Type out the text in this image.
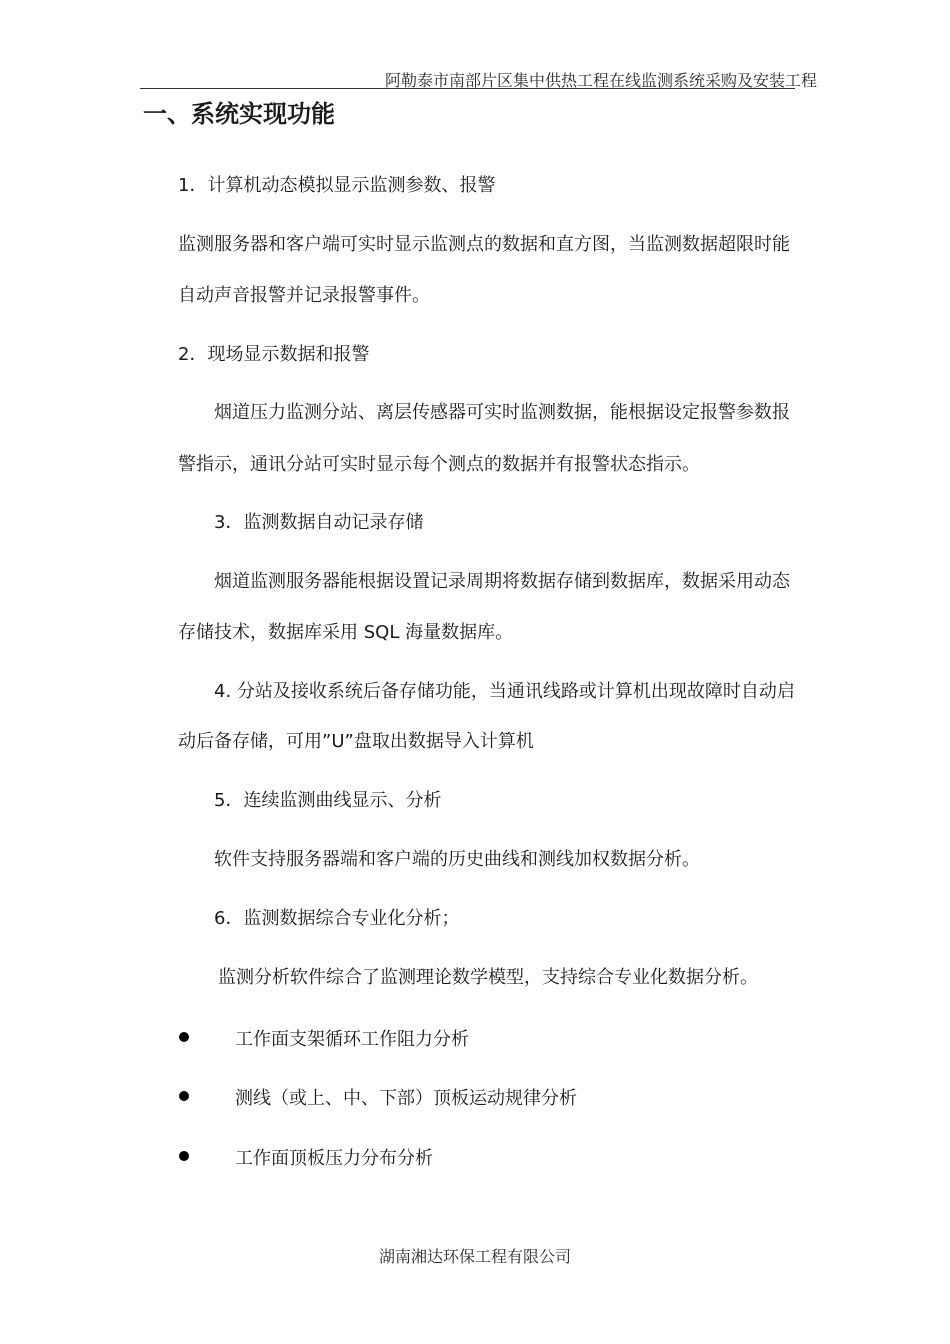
阿勒泰市南部片区集中供热工程在线监测系统采购及安装工程
一、系统实现功能
1．计算机动态模拟显示监测参数、报警
监测服务器和客户端可实时显示监测点的数据和直方图，当监测数据超限时能
自动声音报警并记录报警事件。
2．现场显示数据和报警
烟道压力监测分站、离层传感器可实时监测数据，能根据设定报警参数报
警指示，通讯分站可实时显示每个测点的数据并有报警状态指示。
3．监测数据自动记录存储
烟道监测服务器能根据设置记录周期将数据存储到数据库，数据采用动态
存储技术，数据库采用 SQL 海量数据库。
4. 分站及接收系统后备存储功能，当通讯线路或计算机出现故障时自动启
动后备存储，可用”U”盘取出数据导入计算机
5．连续监测曲线显示、分析
软件支持服务器端和客户端的历史曲线和测线加权数据分析。
6．监测数据综合专业化分析；
监测分析软件综合了监测理论数学模型，支持综合专业化数据分析。
工作面支架循环工作阻力分析
测线（或上、中、下部）顶板运动规律分析
工作面顶板压力分布分析
湖南湘达环保工程有限公司
